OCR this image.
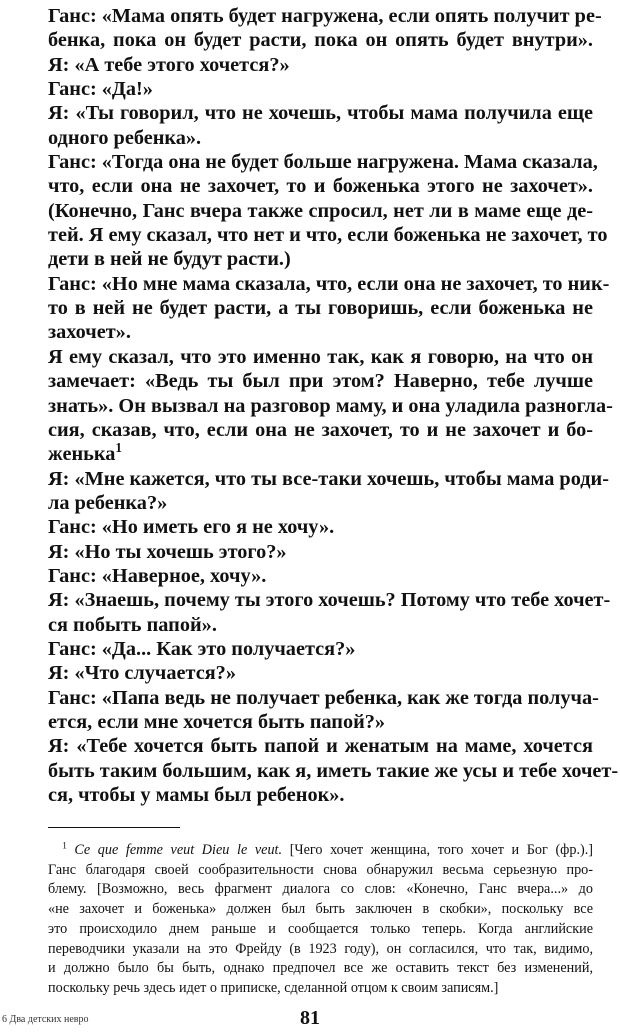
Ганс: «Мама опять будет нагружена, если опять получит ре-
бенка, пока он будет расти, пока он опять будет внутри».
Я: «А тебе этого хочется?»
Ганс: «Да!»
Я: «Ты говорил, что не хочешь, чтобы мама получила еще
одного ребенка».
Ганс: «Тогда она не будет больше нагружена. Мама сказала,
что, если она не захочет, то и боженька этого не захочет».
(Конечно, Ганс вчера также спросил, нет ли в маме еще де-
тей. Я ему сказал, что нет и что, если боженька не захочет, то
дети в ней не будут расти.)
Ганс: «Но мне мама сказала, что, если она не захочет, то ник-
то в ней не будет расти, а ты говоришь, если боженька не
захочет».
Я ему сказал, что это именно так, как я говорю, на что он
замечает: «Ведь ты был при этом? Наверно, тебе лучше
знать». Он вызвал на разговор маму, и она уладила разногла-
сия, сказав, что, если она не захочет, то и не захочет и бо-
женька$^1$
Я: «Мне кажется, что ты все-таки хочешь, чтобы мама роди-
ла ребенка?»
Ганс: «Но иметь его я не хочу».
Я: «Но ты хочешь этого?»
Ганс: «Наверное, хочу».
Я: «Знаешь, почему ты этого хочешь? Потому что тебе хочет-
ся побыть папой».
Ганс: «Да... Как это получается?»
Я: «Что случается?»
Ганс: «Папа ведь не получает ребенка, как же тогда получа-
ется, если мне хочется быть папой?»
Я: «Тебе хочется быть папой и женатым на маме, хочется
быть таким большим, как я, иметь такие же усы и тебе хочет-
ся, чтобы у мамы был ребенок».
 $^1$ Ce que femme veut Dieu le veut. [Чего хочет женщина, того хочет и Бог (фр.).]
Ганс благодаря своей сообразительности снова обнаружил весьма серьезную про-
блему. [Возможно, весь фрагмент диалога со слов: «Конечно, Ганс вчера...» до
«не захочет и боженька» должен был быть заключен в скобки», поскольку все
это происходило днем раньше и сообщается только теперь. Когда английские
переводчики указали на это Фрейду (в 1923 году), он согласился, что так, видимо,
и должно было бы быть, однако предпочел все же оставить текст без изменений,
поскольку речь здесь идет о приписке, сделанной отцом к своим записям.]
6 Два детских невро	81
